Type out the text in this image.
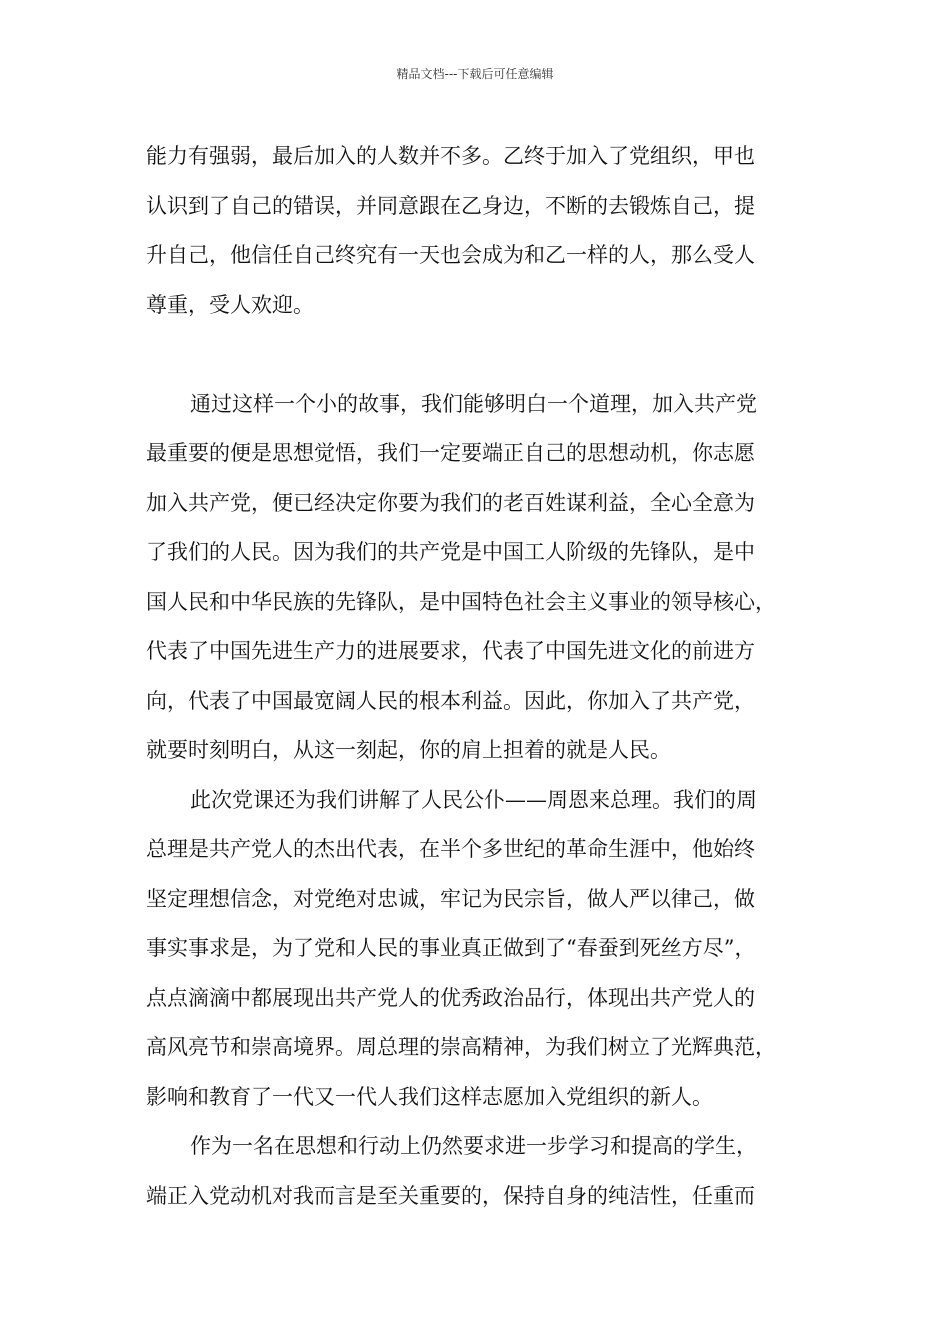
精品文档---下载后可任意编辑
能力有强弱，最后加入的人数并不多。乙终于加入了党组织，甲也
认识到了自己的错误，并同意跟在乙身边，不断的去锻炼自己，提
升自己，他信任自己终究有一天也会成为和乙一样的人，那么受人
尊重，受人欢迎。
通过这样一个小的故事，我们能够明白一个道理，加入共产党
最重要的便是思想觉悟，我们一定要端正自己的思想动机，你志愿
加入共产党，便已经决定你要为我们的老百姓谋利益，全心全意为
了我们的人民。因为我们的共产党是中国工人阶级的先锋队，是中
国人民和中华民族的先锋队，是中国特色社会主义事业的领导核心，
代表了中国先进生产力的进展要求，代表了中国先进文化的前进方
向，代表了中国最宽阔人民的根本利益。因此，你加入了共产党，
就要时刻明白，从这一刻起，你的肩上担着的就是人民。
此次党课还为我们讲解了人民公仆——周恩来总理。我们的周
总理是共产党人的杰出代表，在半个多世纪的革命生涯中，他始终
坚定理想信念，对党绝对忠诚，牢记为民宗旨，做人严以律己，做
事实事求是，为了党和人民的事业真正做到了“春蚕到死丝方尽”，
点点滴滴中都展现出共产党人的优秀政治品行，体现出共产党人的
高风亮节和崇高境界。周总理的崇高精神，为我们树立了光辉典范，
影响和教育了一代又一代人我们这样志愿加入党组织的新人。
作为一名在思想和行动上仍然要求进一步学习和提高的学生，
端正入党动机对我而言是至关重要的，保持自身的纯洁性，任重而
